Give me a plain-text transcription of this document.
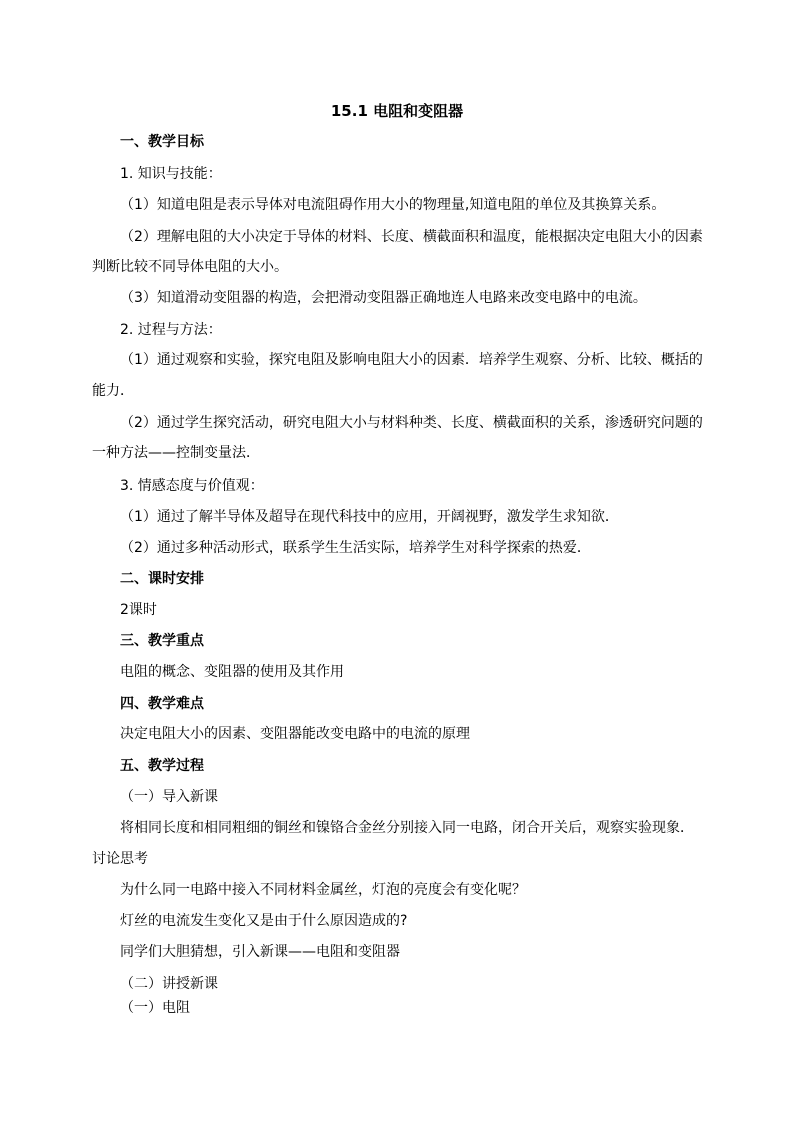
15.1 电阻和变阻器
一、教学目标
1. 知识与技能：
（1）知道电阻是表示导体对电流阻碍作用大小的物理量,知道电阻的单位及其换算关系。
（2）理解电阻的大小决定于导体的材料、长度、横截面积和温度，能根据决定电阻大小的因素
判断比较不同导体电阻的大小。
（3）知道滑动变阻器的构造，会把滑动变阻器正确地连人电路来改变电路中的电流。
2. 过程与方法：
（1）通过观察和实验，探究电阻及影响电阻大小的因素．培养学生观察、分析、比较、概括的
能力．
（2）通过学生探究活动，研究电阻大小与材料种类、长度、横截面积的关系，渗透研究问题的
一种方法——控制变量法．
3. 情感态度与价值观：
（1）通过了解半导体及超导在现代科技中的应用，开阔视野，激发学生求知欲．
（2）通过多种活动形式，联系学生生活实际，培养学生对科学探索的热爱．
二、课时安排
2课时
三、教学重点
电阻的概念、变阻器的使用及其作用
四、教学难点
决定电阻大小的因素、变阻器能改变电路中的电流的原理
五、教学过程
（一）导入新课
将相同长度和相同粗细的铜丝和镍铬合金丝分别接入同一电路，闭合开关后，观察实验现象．
讨论思考
为什么同一电路中接入不同材料金属丝，灯泡的亮度会有变化呢？
灯丝的电流发生变化又是由于什么原因造成的?
同学们大胆猜想，引入新课——电阻和变阻器
（二）讲授新课
（一）电阻
